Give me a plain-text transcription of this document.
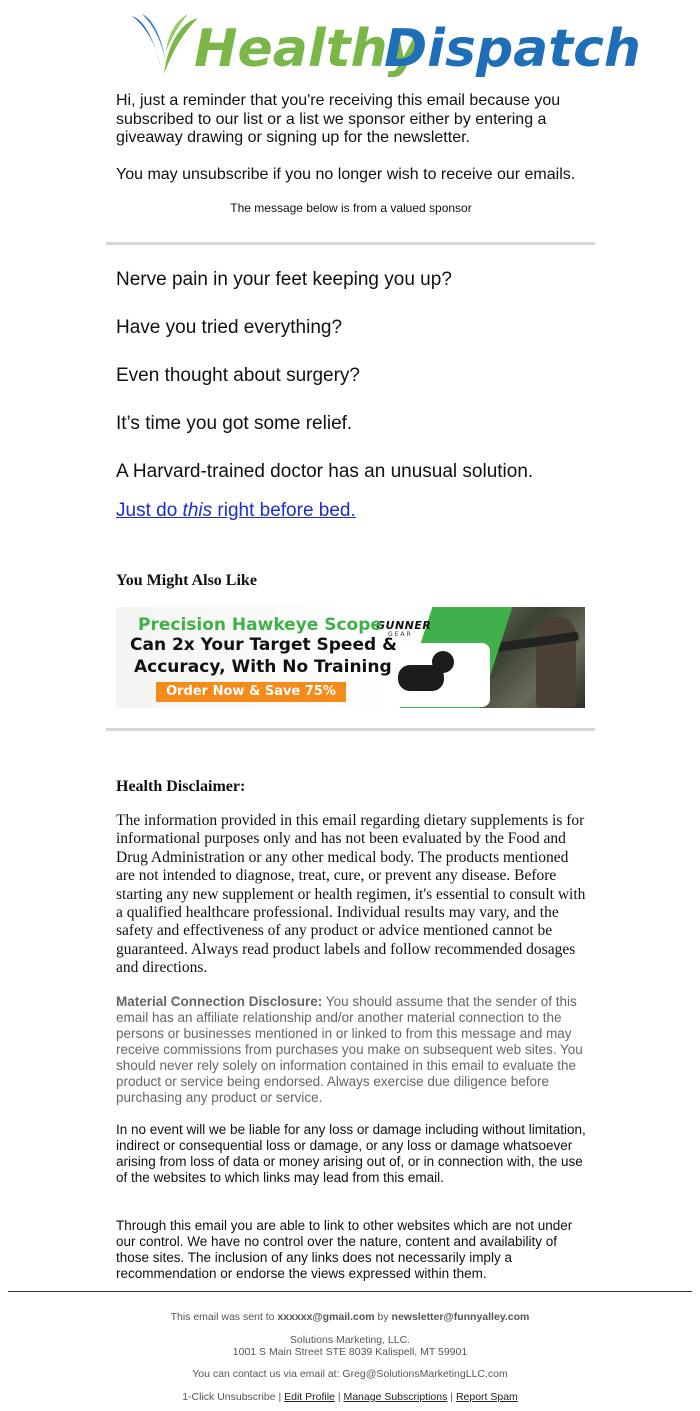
Healthy
Dispatch

Hi, just a reminder that you're receiving this email because you subscribed to our list or a list we sponsor either by entering a giveaway drawing or signing up for the newsletter.

You may unsubscribe if you no longer wish to receive our emails.

The message below is from a valued sponsor

Nerve pain in your feet keeping you up?

Have you tried everything?

Even thought about surgery?

It’s time you got some relief.

A Harvard-trained doctor has an unusual solution.

Just do this right before bed.

You Might Also Like

GUNNER
GEAR
Precision Hawkeye Scope
Can 2x Your Target Speed &
Accuracy, With No Training
Order Now & Save 75%

Health Disclaimer:

The information provided in this email regarding dietary supplements is for informational purposes only and has not been evaluated by the Food and Drug Administration or any other medical body. The products mentioned are not intended to diagnose, treat, cure, or prevent any disease. Before starting any new supplement or health regimen, it's essential to consult with a qualified healthcare professional. Individual results may vary, and the safety and effectiveness of any product or advice mentioned cannot be guaranteed. Always read product labels and follow recommended dosages and directions.

Material Connection Disclosure: You should assume that the sender of this email has an affiliate relationship and/or another material connection to the persons or businesses mentioned in or linked to from this message and may receive commissions from purchases you make on subsequent web sites. You should never rely solely on information contained in this email to evaluate the product or service being endorsed. Always exercise due diligence before purchasing any product or service.

In no event will we be liable for any loss or damage including without limitation, indirect or consequential loss or damage, or any loss or damage whatsoever arising from loss of data or money arising out of, or in connection with, the use of the websites to which links may lead from this email.

Through this email you are able to link to other websites which are not under our control. We have no control over the nature, content and availability of those sites. The inclusion of any links does not necessarily imply a recommendation or endorse the views expressed within them.

This email was sent to xxxxxx@gmail.com by newsletter@funnyalley.com

Solutions Marketing, LLC.

1001 S Main Street STE 8039 Kalispell, MT 59901

You can contact us via email at: Greg@SolutionsMarketingLLC.com

1-Click Unsubscribe | Edit Profile | Manage Subscriptions | Report Spam
